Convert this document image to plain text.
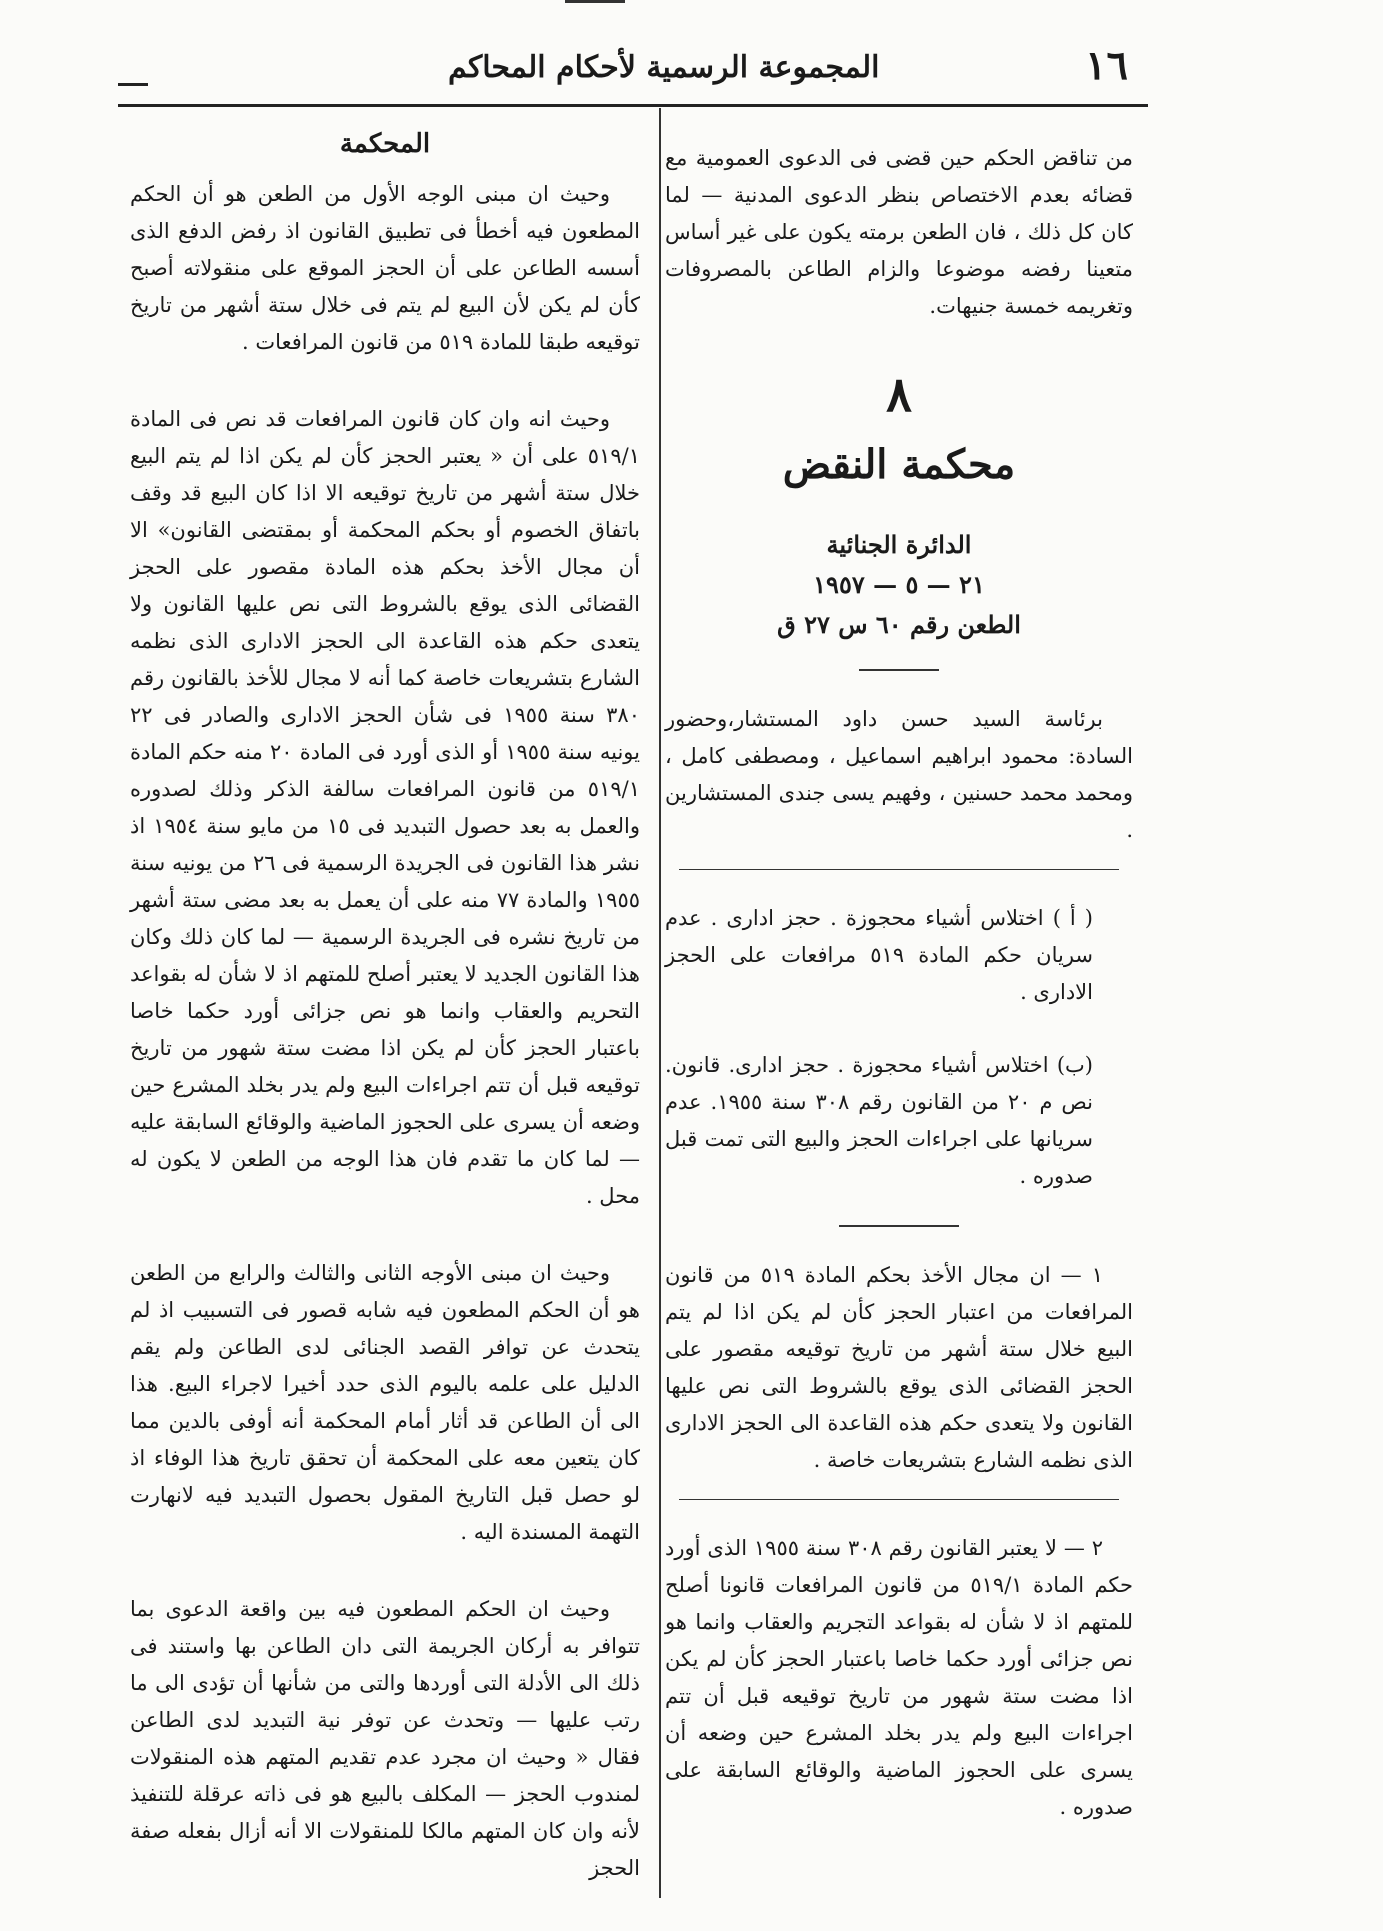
١٦
المجموعة الرسمية لأحكام المحاكم

من تناقض الحكم حين قضى فى الدعوى العمومية مع قضائه بعدم الاختصاص بنظر الدعوى المدنية — لما كان كل ذلك ، فان الطعن برمته يكون على غير أساس متعينا رفضه موضوعا والزام الطاعن بالمصروفات وتغريمه خمسة جنيهات.

٨
محكمة النقض
الدائرة الجنائية
٢١ — ٥ — ١٩٥٧
الطعن رقم ٦٠ س ٢٧ ق

برئاسة السيد حسن داود المستشار،وحضور السادة: محمود ابراهيم اسماعيل ، ومصطفى كامل ، ومحمد محمد حسنين ، وفهيم يسى جندى المستشارين .

( أ ) اختلاس أشياء محجوزة . حجز ادارى . عدم سريان حكم المادة ٥١٩ مرافعات على الحجز الادارى .

(ب) اختلاس أشياء محجوزة . حجز ادارى. قانون. نص م ٢٠ من القانون رقم ٣٠٨ سنة ١٩٥٥. عدم سريانها على اجراءات الحجز والبيع التى تمت قبل صدوره .

١ — ان مجال الأخذ بحكم المادة ٥١٩ من قانون المرافعات من اعتبار الحجز كأن لم يكن اذا لم يتم البيع خلال ستة أشهر من تاريخ توقيعه مقصور على الحجز القضائى الذى يوقع بالشروط التى نص عليها القانون ولا يتعدى حكم هذه القاعدة الى الحجز الادارى الذى نظمه الشارع بتشريعات خاصة .

٢ — لا يعتبر القانون رقم ٣٠٨ سنة ١٩٥٥ الذى أورد حكم المادة ٥١٩/١ من قانون المرافعات قانونا أصلح للمتهم اذ لا شأن له بقواعد التجريم والعقاب وانما هو نص جزائى أورد حكما خاصا باعتبار الحجز كأن لم يكن اذا مضت ستة شهور من تاريخ توقيعه قبل أن تتم اجراءات البيع ولم يدر بخلد المشرع حين وضعه أن يسرى على الحجوز الماضية والوقائع السابقة على صدوره .

المحكمة

وحيث ان مبنى الوجه الأول من الطعن هو أن الحكم المطعون فيه أخطأ فى تطبيق القانون اذ رفض الدفع الذى أسسه الطاعن على أن الحجز الموقع على منقولاته أصبح كأن لم يكن لأن البيع لم يتم فى خلال ستة أشهر من تاريخ توقيعه طبقا للمادة ٥١٩ من قانون المرافعات .

وحيث انه وان كان قانون المرافعات قد نص فى المادة ٥١٩/١ على أن « يعتبر الحجز كأن لم يكن اذا لم يتم البيع خلال ستة أشهر من تاريخ توقيعه الا اذا كان البيع قد وقف باتفاق الخصوم أو بحكم المحكمة أو بمقتضى القانون» الا أن مجال الأخذ بحكم هذه المادة مقصور على الحجز القضائى الذى يوقع بالشروط التى نص عليها القانون ولا يتعدى حكم هذه القاعدة الى الحجز الادارى الذى نظمه الشارع بتشريعات خاصة كما أنه لا مجال للأخذ بالقانون رقم ٣٨٠ سنة ١٩٥٥ فى شأن الحجز الادارى والصادر فى ٢٢ يونيه سنة ١٩٥٥ أو الذى أورد فى المادة ٢٠ منه حكم المادة ٥١٩/١ من قانون المرافعات سالفة الذكر وذلك لصدوره والعمل به بعد حصول التبديد فى ١٥ من مايو سنة ١٩٥٤ اذ نشر هذا القانون فى الجريدة الرسمية فى ٢٦ من يونيه سنة ١٩٥٥ والمادة ٧٧ منه على أن يعمل به بعد مضى ستة أشهر من تاريخ نشره فى الجريدة الرسمية — لما كان ذلك وكان هذا القانون الجديد لا يعتبر أصلح للمتهم اذ لا شأن له بقواعد التحريم والعقاب وانما هو نص جزائى أورد حكما خاصا باعتبار الحجز كأن لم يكن اذا مضت ستة شهور من تاريخ توقيعه قبل أن تتم اجراءات البيع ولم يدر بخلد المشرع حين وضعه أن يسرى على الحجوز الماضية والوقائع السابقة عليه — لما كان ما تقدم فان هذا الوجه من الطعن لا يكون له محل .

وحيث ان مبنى الأوجه الثانى والثالث والرابع من الطعن هو أن الحكم المطعون فيه شابه قصور فى التسبيب اذ لم يتحدث عن توافر القصد الجنائى لدى الطاعن ولم يقم الدليل على علمه باليوم الذى حدد أخيرا لاجراء البيع. هذا الى أن الطاعن قد أثار أمام المحكمة أنه أوفى بالدين مما كان يتعين معه على المحكمة أن تحقق تاريخ هذا الوفاء اذ لو حصل قبل التاريخ المقول بحصول التبديد فيه لانهارت التهمة المسندة اليه .

وحيث ان الحكم المطعون فيه بين واقعة الدعوى بما تتوافر به أركان الجريمة التى دان الطاعن بها واستند فى ذلك الى الأدلة التى أوردها والتى من شأنها أن تؤدى الى ما رتب عليها — وتحدث عن توفر نية التبديد لدى الطاعن فقال « وحيث ان مجرد عدم تقديم المتهم هذه المنقولات لمندوب الحجز — المكلف بالبيع هو فى ذاته عرقلة للتنفيذ لأنه وان كان المتهم مالكا للمنقولات الا أنه أزال بفعله صفة الحجز
